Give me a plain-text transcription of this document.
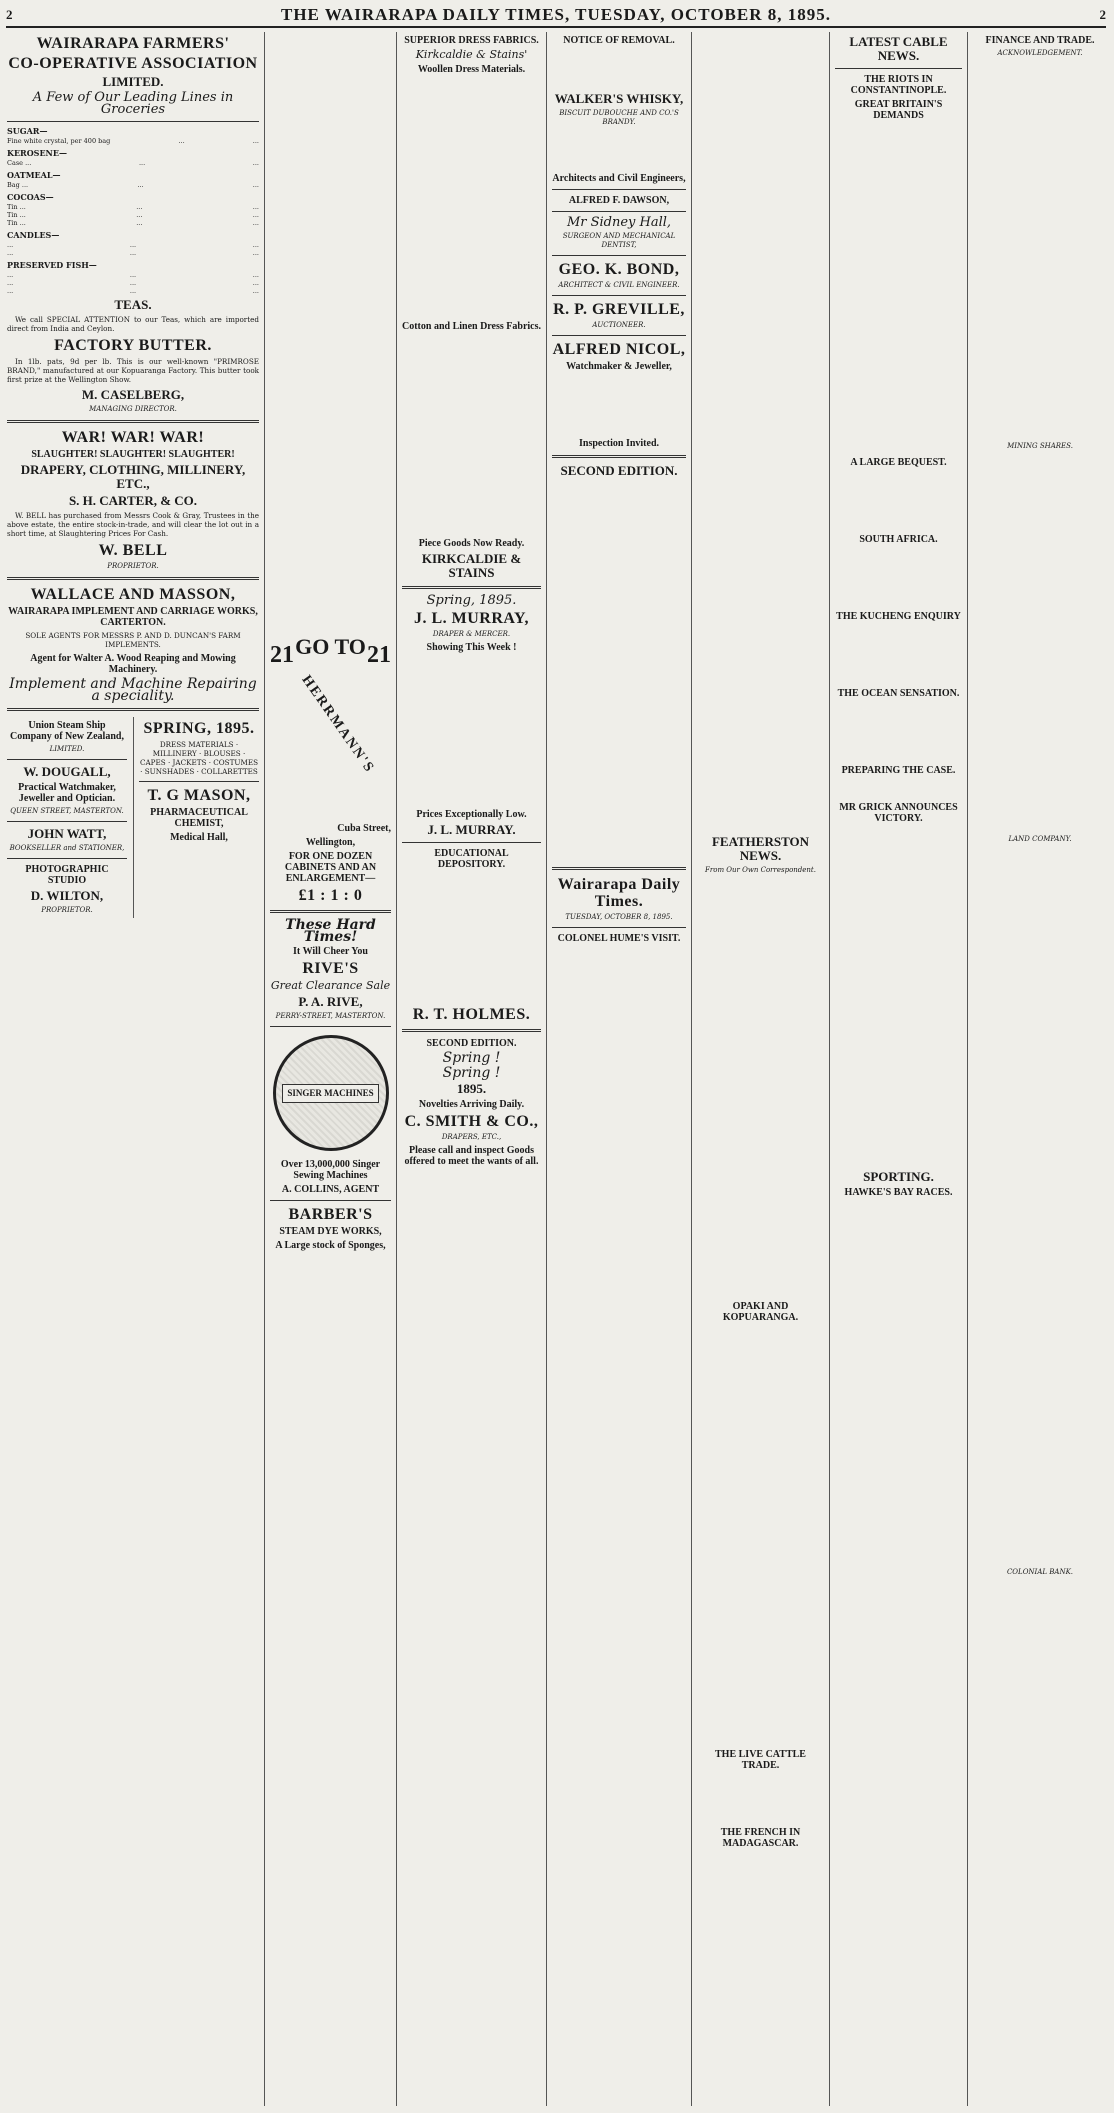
2	THE WAIRARAPA DAILY TIMES, TUESDAY, OCTOBER 8, 1895.	2
WAIRARAPA FARMERS'
CO-OPERATIVE ASSOCIATION
LIMITED.
A Few of Our Leading Lines in Groceries
SUGAR—
Fine white crystal, per 400 bag	...	...
KEROSENE—
Case ...	...	...
OATMEAL—
Bag ...	...	...
COCOAS—
Tin ...	...	...
Tin ...	...	...
Tin ...	...	...
CANDLES—
...	...	...
...	...	...
PRESERVED FISH—
...	...	...
...	...	...
...	...	...
TEAS.

We call SPECIAL ATTENTION to our Teas, which are imported direct from India and Ceylon.

FACTORY BUTTER.

In 1lb. pats, 9d per lb. This is our well-known "PRIMROSE BRAND," manufactured at our Kopuaranga Factory. This butter took first prize at the Wellington Show.

M. CASELBERG,
MANAGING DIRECTOR.
WAR! WAR! WAR!
SLAUGHTER! SLAUGHTER! SLAUGHTER!
DRAPERY, CLOTHING, MILLINERY, ETC.,
S. H. CARTER, & CO.

W. BELL has purchased from Messrs Cook & Gray, Trustees in the above estate, the entire stock-in-trade, and will clear the lot out in a short time, at Slaughtering Prices For Cash.

W. BELL
PROPRIETOR.
WALLACE AND MASSON,
WAIRARAPA IMPLEMENT AND CARRIAGE WORKS, CARTERTON.

SOLE AGENTS FOR MESSRS P. AND D. DUNCAN'S FARM IMPLEMENTS.

Agent for Walter A. Wood Reaping and Mowing Machinery.
Implement and Machine Repairing a speciality.
Union Steam Ship Company of New Zealand,
LIMITED.
W. DOUGALL,
Practical Watchmaker, Jeweller and Optician.
QUEEN STREET, MASTERTON.
JOHN WATT,
BOOKSELLER and STATIONER,
PHOTOGRAPHIC STUDIO
D. WILTON,
PROPRIETOR.
SPRING, 1895.

DRESS MATERIALS · MILLINERY · BLOUSES · CAPES · JACKETS · COSTUMES · SUNSHADES · COLLARETTES

T. G MASON,
PHARMACEUTICAL CHEMIST,
Medical Hall,
GO TO
21	21
HERRMANN'S
Cuba Street,
Wellington,
FOR ONE DOZEN CABINETS AND AN ENLARGEMENT—
£1 : 1 : 0
These Hard Times!
It Will Cheer You
RIVE'S
Great Clearance Sale
P. A. RIVE,
PERRY-STREET, MASTERTON.
SINGER MACHINES
Over 13,000,000 Singer Sewing Machines
A. COLLINS, AGENT
BARBER'S
STEAM DYE WORKS,
A Large stock of Sponges,
SUPERIOR DRESS FABRICS.
Kirkcaldie & Stains'
Woollen Dress Materials.
Cotton and Linen Dress Fabrics.
Piece Goods Now Ready.
KIRKCALDIE & STAINS
Spring, 1895.
J. L. MURRAY,
DRAPER & MERCER.
Showing This Week !
Prices Exceptionally Low.
J. L. MURRAY.
EDUCATIONAL DEPOSITORY.
R. T. HOLMES.
SECOND EDITION.
Spring !
Spring !
1895.
Novelties Arriving Daily.
C. SMITH & CO.,
DRAPERS, ETC.,
Please call and inspect Goods offered to meet the wants of all.
NOTICE OF REMOVAL.
WALKER'S WHISKY,
BISCUIT DUBOUCHE AND CO.'S BRANDY.
Architects and Civil Engineers,
ALFRED F. DAWSON,
Mr Sidney Hall,
SURGEON AND MECHANICAL DENTIST,
GEO. K. BOND,
ARCHITECT & CIVIL ENGINEER.
R. P. GREVILLE,
AUCTIONEER.
ALFRED NICOL,
Watchmaker & Jeweller,
Inspection Invited.
SECOND EDITION.
Wairarapa Daily Times.
TUESDAY, OCTOBER 8, 1895.
COLONEL HUME'S VISIT.
FEATHERSTON NEWS.
From Our Own Correspondent.
OPAKI AND KOPUARANGA.
THE LIVE CATTLE TRADE.
THE FRENCH IN MADAGASCAR.
LATEST CABLE NEWS.
THE RIOTS IN CONSTANTINOPLE.
GREAT BRITAIN'S DEMANDS
A LARGE BEQUEST.
SOUTH AFRICA.
THE KUCHENG ENQUIRY
THE OCEAN SENSATION.
PREPARING THE CASE.
MR GRICK ANNOUNCES VICTORY.
SPORTING.
HAWKE'S BAY RACES.
FINANCE AND TRADE.
ACKNOWLEDGEMENT.
MINING SHARES.
LAND COMPANY.
COLONIAL BANK.
